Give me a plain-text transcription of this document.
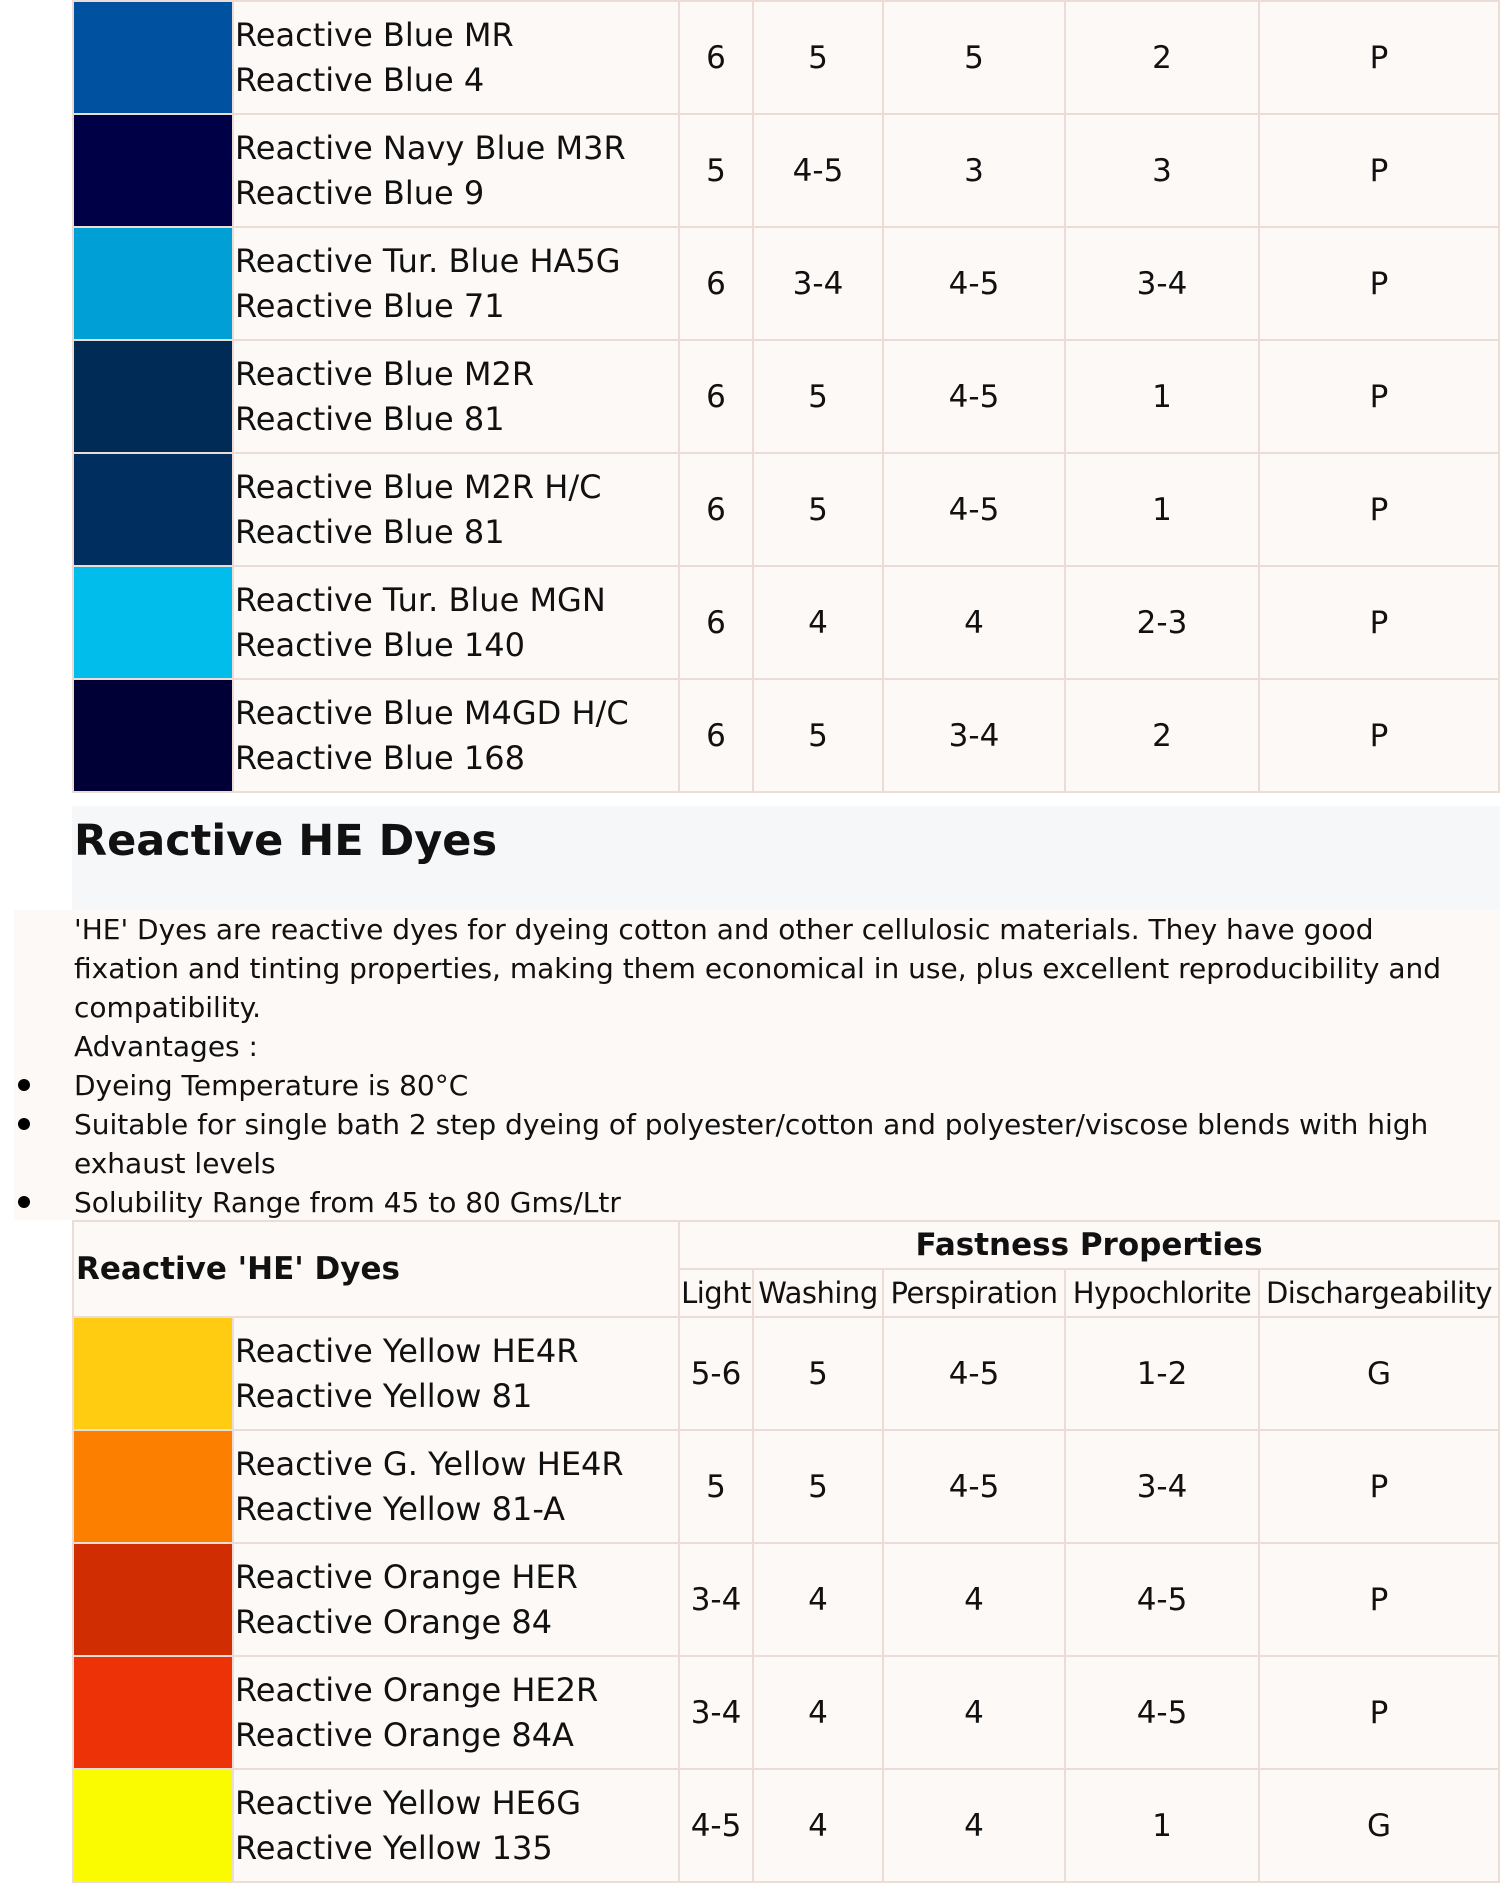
	Reactive Blue MR
Reactive Blue 4	6	5	5	2	P

	Reactive Navy Blue M3R
Reactive Blue 9	5	4-5	3	3	P

	Reactive Tur. Blue HA5G
Reactive Blue 71	6	3-4	4-5	3-4	P

	Reactive Blue M2R
Reactive Blue 81	6	5	4-5	1	P

	Reactive Blue M2R H/C
Reactive Blue 81	6	5	4-5	1	P

	Reactive Tur. Blue MGN
Reactive Blue 140	6	4	4	2-3	P

	Reactive Blue M4GD H/C
Reactive Blue 168	6	5	3-4	2	P
Reactive HE Dyes
'HE' Dyes are reactive dyes for dyeing cotton and other cellulosic materials. They have good fixation and tinting properties, making them economical in use, plus excellent reproducibility and compatibility.
Advantages :
Dyeing Temperature is 80°C
Suitable for single bath 2 step dyeing of polyester/cotton and polyester/viscose blends with high exhaust levels
Solubility Range from 45 to 80 Gms/Ltr
Reactive 'HE' Dyes		Fastness Properties				
		Light	Washing	Perspiration	Hypochlorite	Dischargeability

	Reactive Yellow HE4R
Reactive Yellow 81	5-6	5	4-5	1-2	G

	Reactive G. Yellow HE4R
Reactive Yellow 81-A	5	5	4-5	3-4	P

	Reactive Orange HER
Reactive Orange 84	3-4	4	4	4-5	P

	Reactive Orange HE2R
Reactive Orange 84A	3-4	4	4	4-5	P

	Reactive Yellow HE6G
Reactive Yellow 135	4-5	4	4	1	G
